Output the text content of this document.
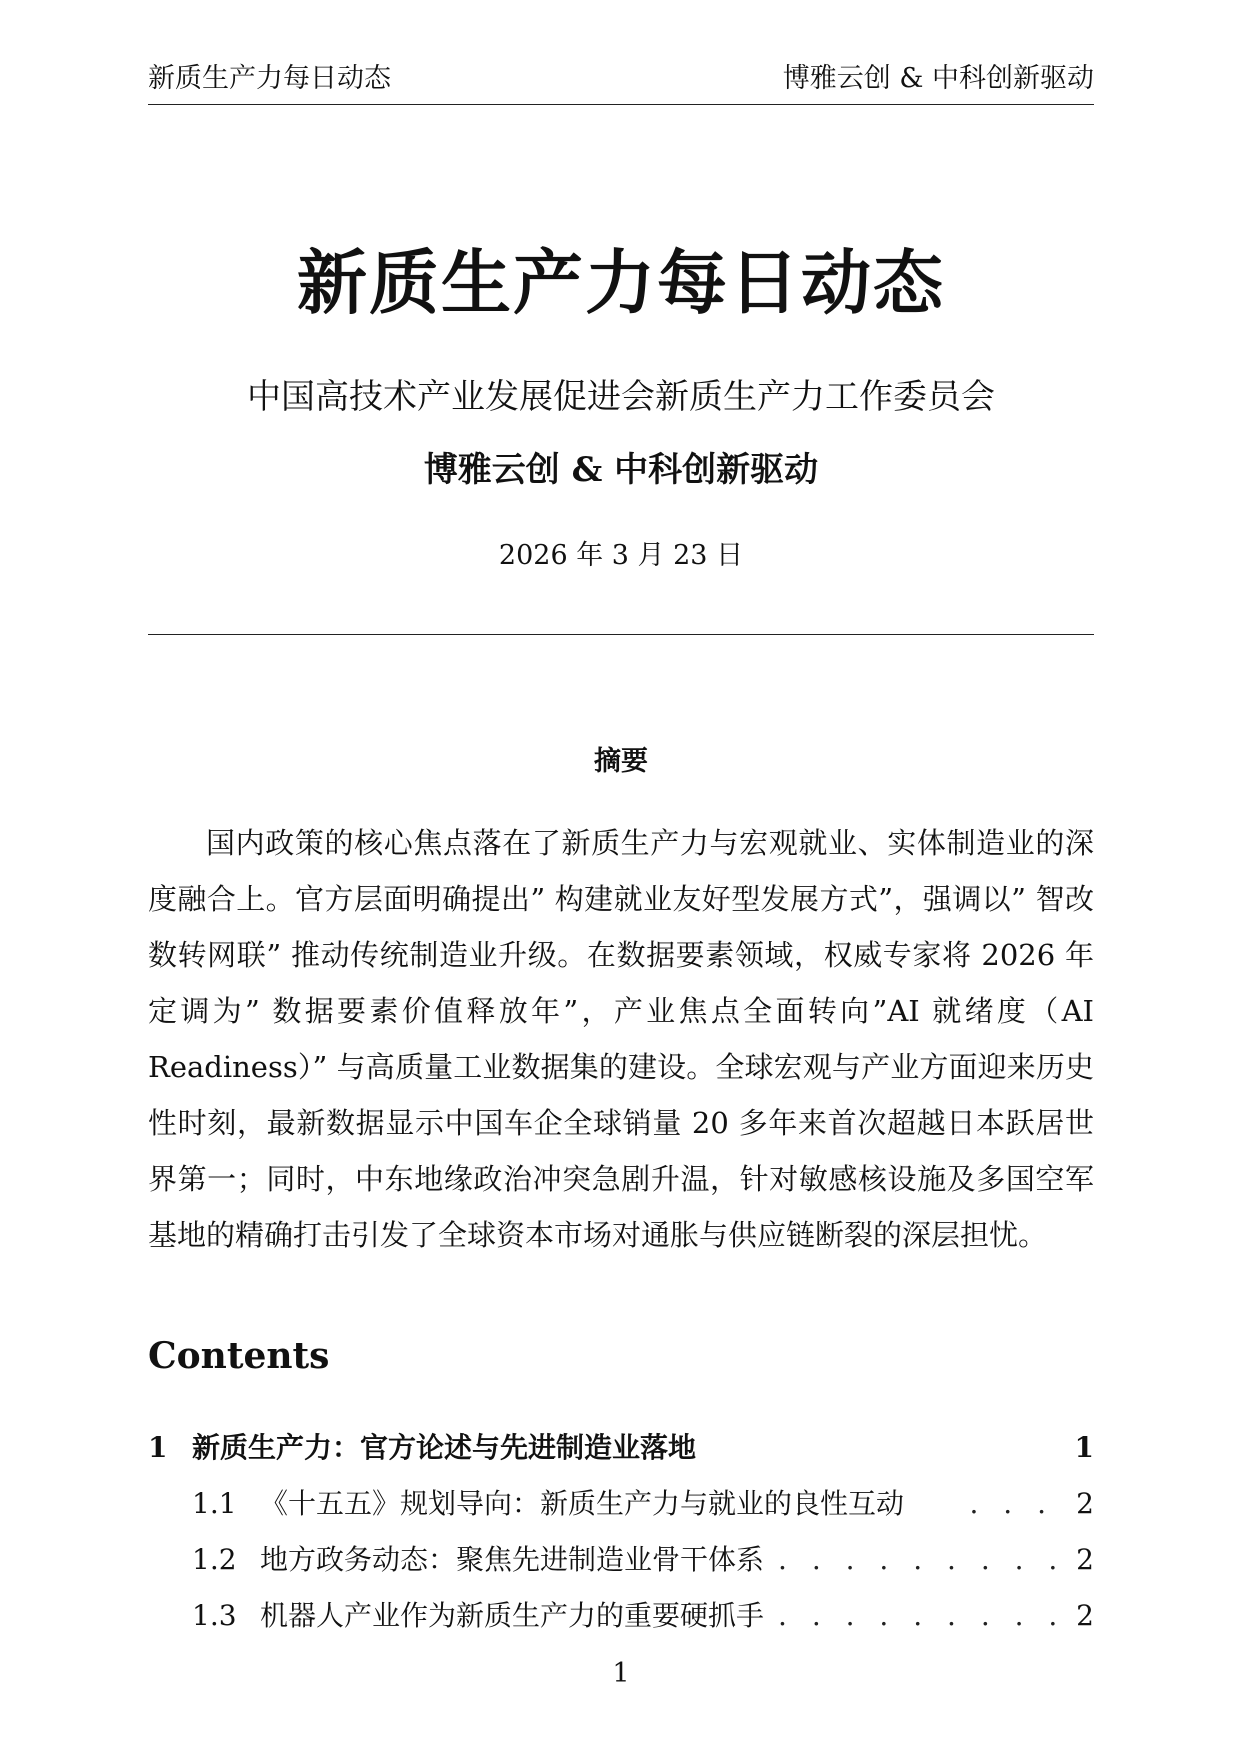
新质生产力每日动态	博雅云创 & 中科创新驱动
新质生产力每日动态
中国高技术产业发展促进会新质生产力工作委员会
博雅云创 & 中科创新驱动
2026 年 3 月 23 日
摘要
国内政策的核心焦点落在了新质生产力与宏观就业、实体制造业的深度融合上。官方层面明确提出” 构建就业友好型发展方式”，强调以” 智改数转网联” 推动传统制造业升级。在数据要素领域，权威专家将 2026 年定调为” 数据要素价值释放年”，产业焦点全面转向”AI 就绪度（AI Readiness）” 与高质量工业数据集的建设。全球宏观与产业方面迎来历史性时刻，最新数据显示中国车企全球销量 20 多年来首次超越日本跃居世界第一；同时，中东地缘政治冲突急剧升温，针对敏感核设施及多国空军基地的精确打击引发了全球资本市场对通胀与供应链断裂的深层担忧。
Contents
1 新质生产力：官方论述与先进制造业落地	1
1.1 《十五五》规划导向：新质生产力与就业的良性互动	. . . 2
1.2 地方政务动态：聚焦先进制造业骨干体系 . . . . . . . . . 2
1.3 机器人产业作为新质生产力的重要硬抓手 . . . . . . . . . 2
1
